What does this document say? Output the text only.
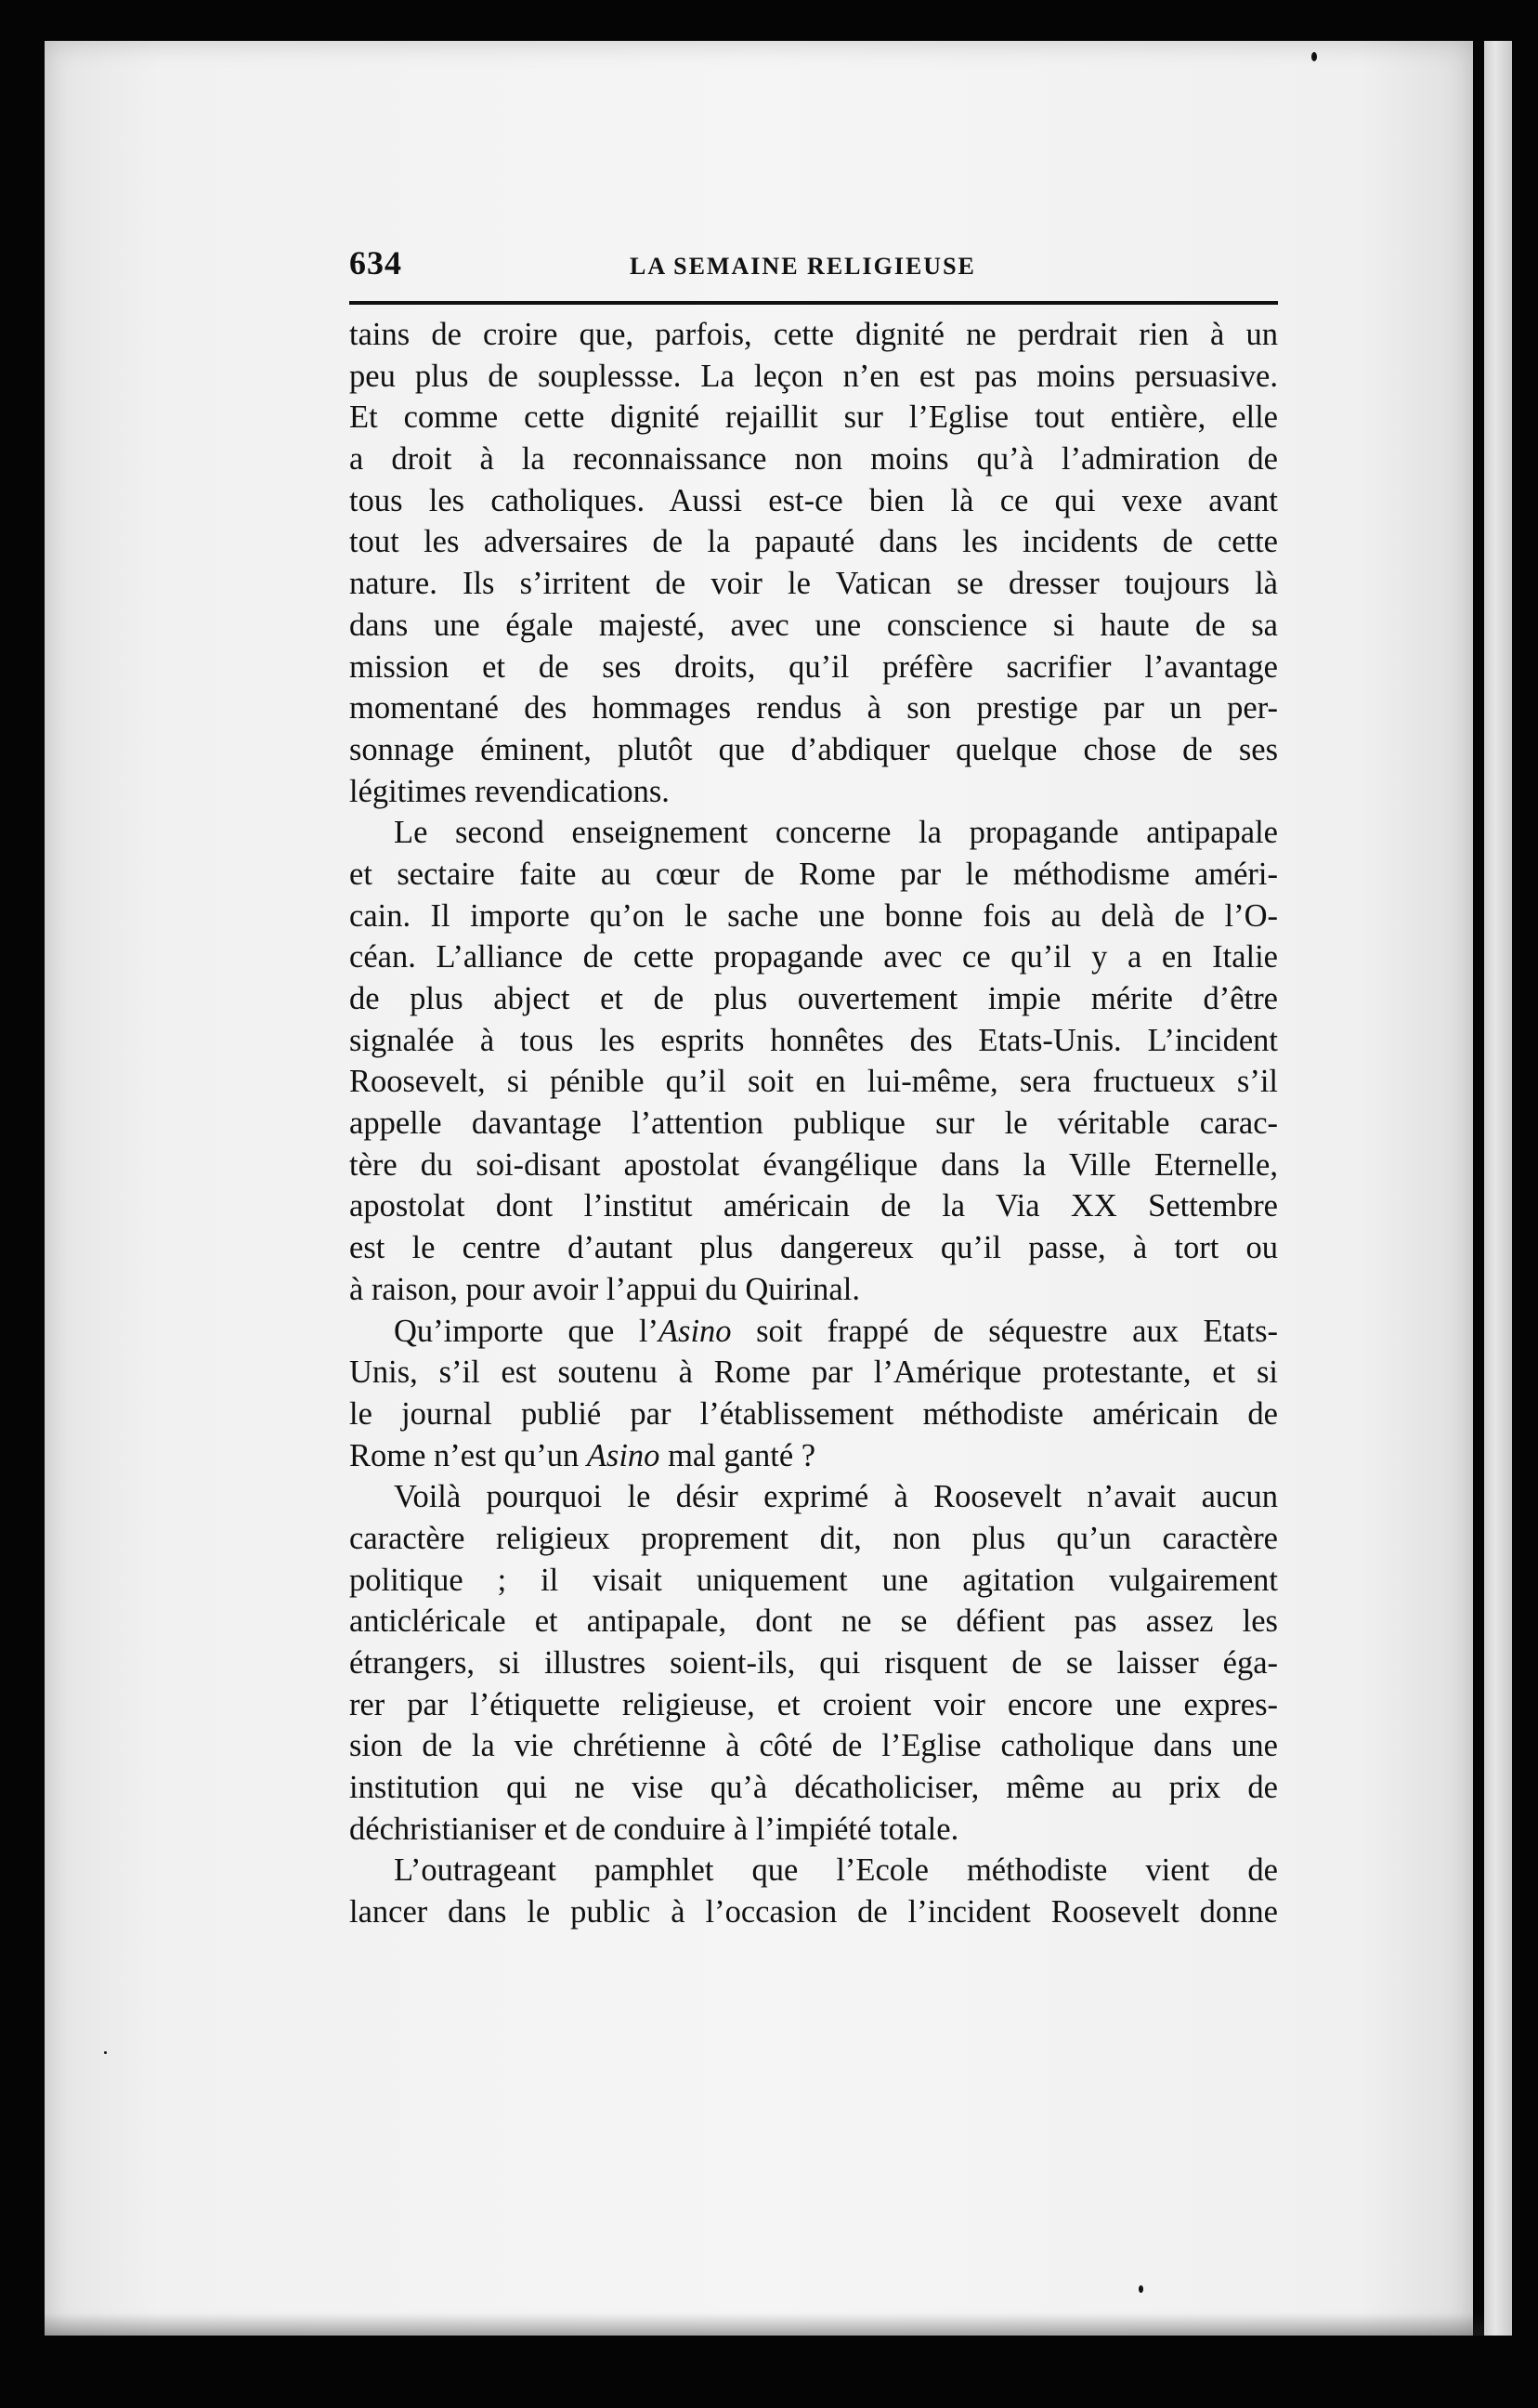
634	LA SEMAINE RELIGIEUSE
tains de croire que, parfois, cette dignité ne perdrait rien à un
peu plus de souplessse. La leçon n’en est pas moins persuasive.
Et comme cette dignité rejaillit sur l’Eglise tout entière, elle
a droit à la reconnaissance non moins qu’à l’admiration de
tous les catholiques. Aussi est-ce bien là ce qui vexe avant
tout les adversaires de la papauté dans les incidents de cette
nature. Ils s’irritent de voir le Vatican se dresser toujours là
dans une égale majesté, avec une conscience si haute de sa
mission et de ses droits, qu’il préfère sacrifier l’avantage
momentané des hommages rendus à son prestige par un per-
sonnage éminent, plutôt que d’abdiquer quelque chose de ses
légitimes revendications.
Le second enseignement concerne la propagande antipapale
et sectaire faite au cœur de Rome par le méthodisme améri-
cain. Il importe qu’on le sache une bonne fois au delà de l’O-
céan. L’alliance de cette propagande avec ce qu’il y a en Italie
de plus abject et de plus ouvertement impie mérite d’être
signalée à tous les esprits honnêtes des Etats-Unis. L’incident
Roosevelt, si pénible qu’il soit en lui-même, sera fructueux s’il
appelle davantage l’attention publique sur le véritable carac-
tère du soi-disant apostolat évangélique dans la Ville Eternelle,
apostolat dont l’institut américain de la Via XX Settembre
est le centre d’autant plus dangereux qu’il passe, à tort ou
à raison, pour avoir l’appui du Quirinal.
Qu’importe que l’Asino soit frappé de séquestre aux Etats-
Unis, s’il est soutenu à Rome par l’Amérique protestante, et si
le journal publié par l’établissement méthodiste américain de
Rome n’est qu’un Asino mal ganté ?
Voilà pourquoi le désir exprimé à Roosevelt n’avait aucun
caractère religieux proprement dit, non plus qu’un caractère
politique ; il visait uniquement une agitation vulgairement
anticléricale et antipapale, dont ne se défient pas assez les
étrangers, si illustres soient-ils, qui risquent de se laisser éga-
rer par l’étiquette religieuse, et croient voir encore une expres-
sion de la vie chrétienne à côté de l’Eglise catholique dans une
institution qui ne vise qu’à décatholiciser, même au prix de
déchristianiser et de conduire à l’impiété totale.
L’outrageant pamphlet que l’Ecole méthodiste vient de
lancer dans le public à l’occasion de l’incident Roosevelt donne
